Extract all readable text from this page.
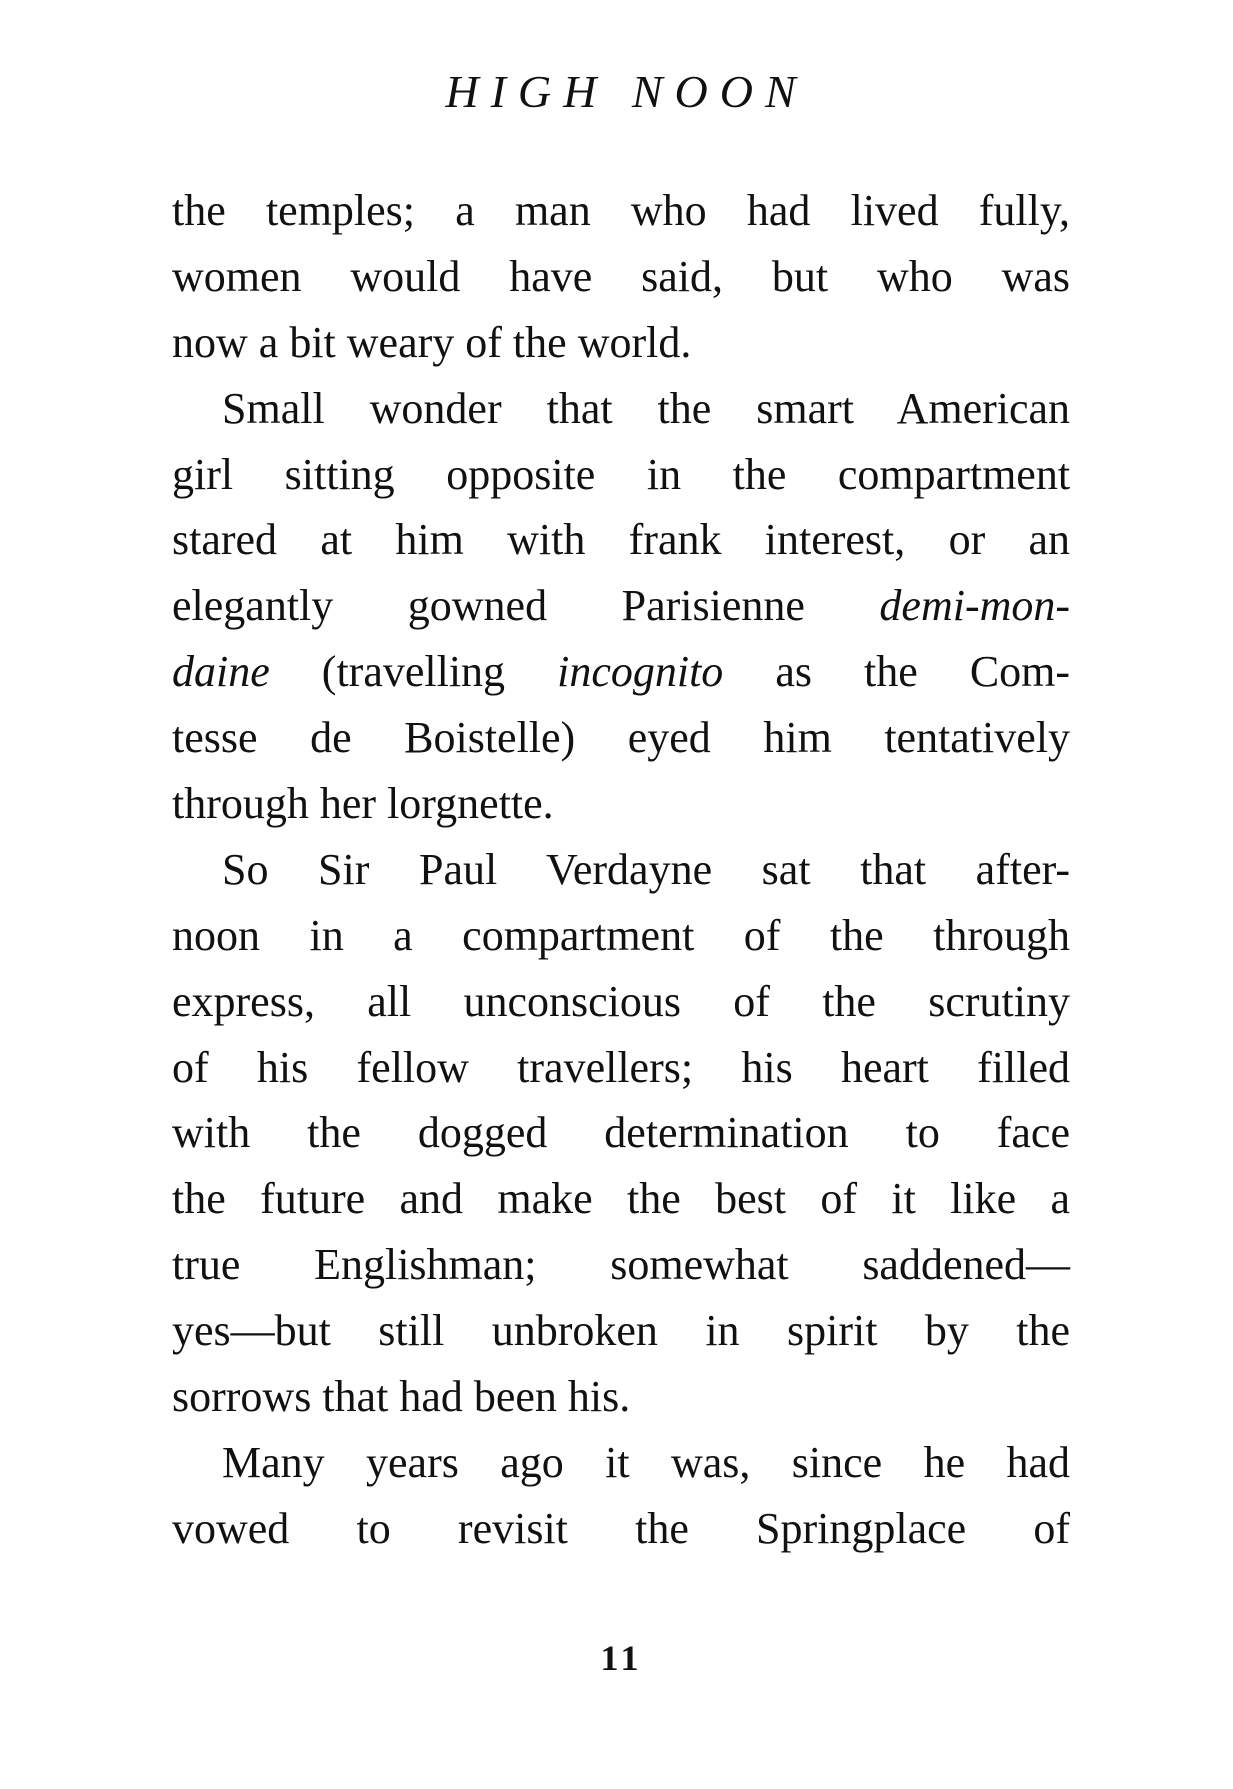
HIGH NOON
the temples; a man who had lived fully,
women would have said, but who was
now a bit weary of the world.
Small wonder that the smart American
girl sitting opposite in the compartment
stared at him with frank interest, or an
elegantly gowned Parisienne demi-mon-
daine (travelling incognito as the Com-
tesse de Boistelle) eyed him tentatively
through her lorgnette.
So Sir Paul Verdayne sat that after-
noon in a compartment of the through
express, all unconscious of the scrutiny
of his fellow travellers; his heart filled
with the dogged determination to face
the future and make the best of it like a
true Englishman; somewhat saddened—
yes—but still unbroken in spirit by the
sorrows that had been his.
Many years ago it was, since he had
vowed to revisit the Springplace of
11
